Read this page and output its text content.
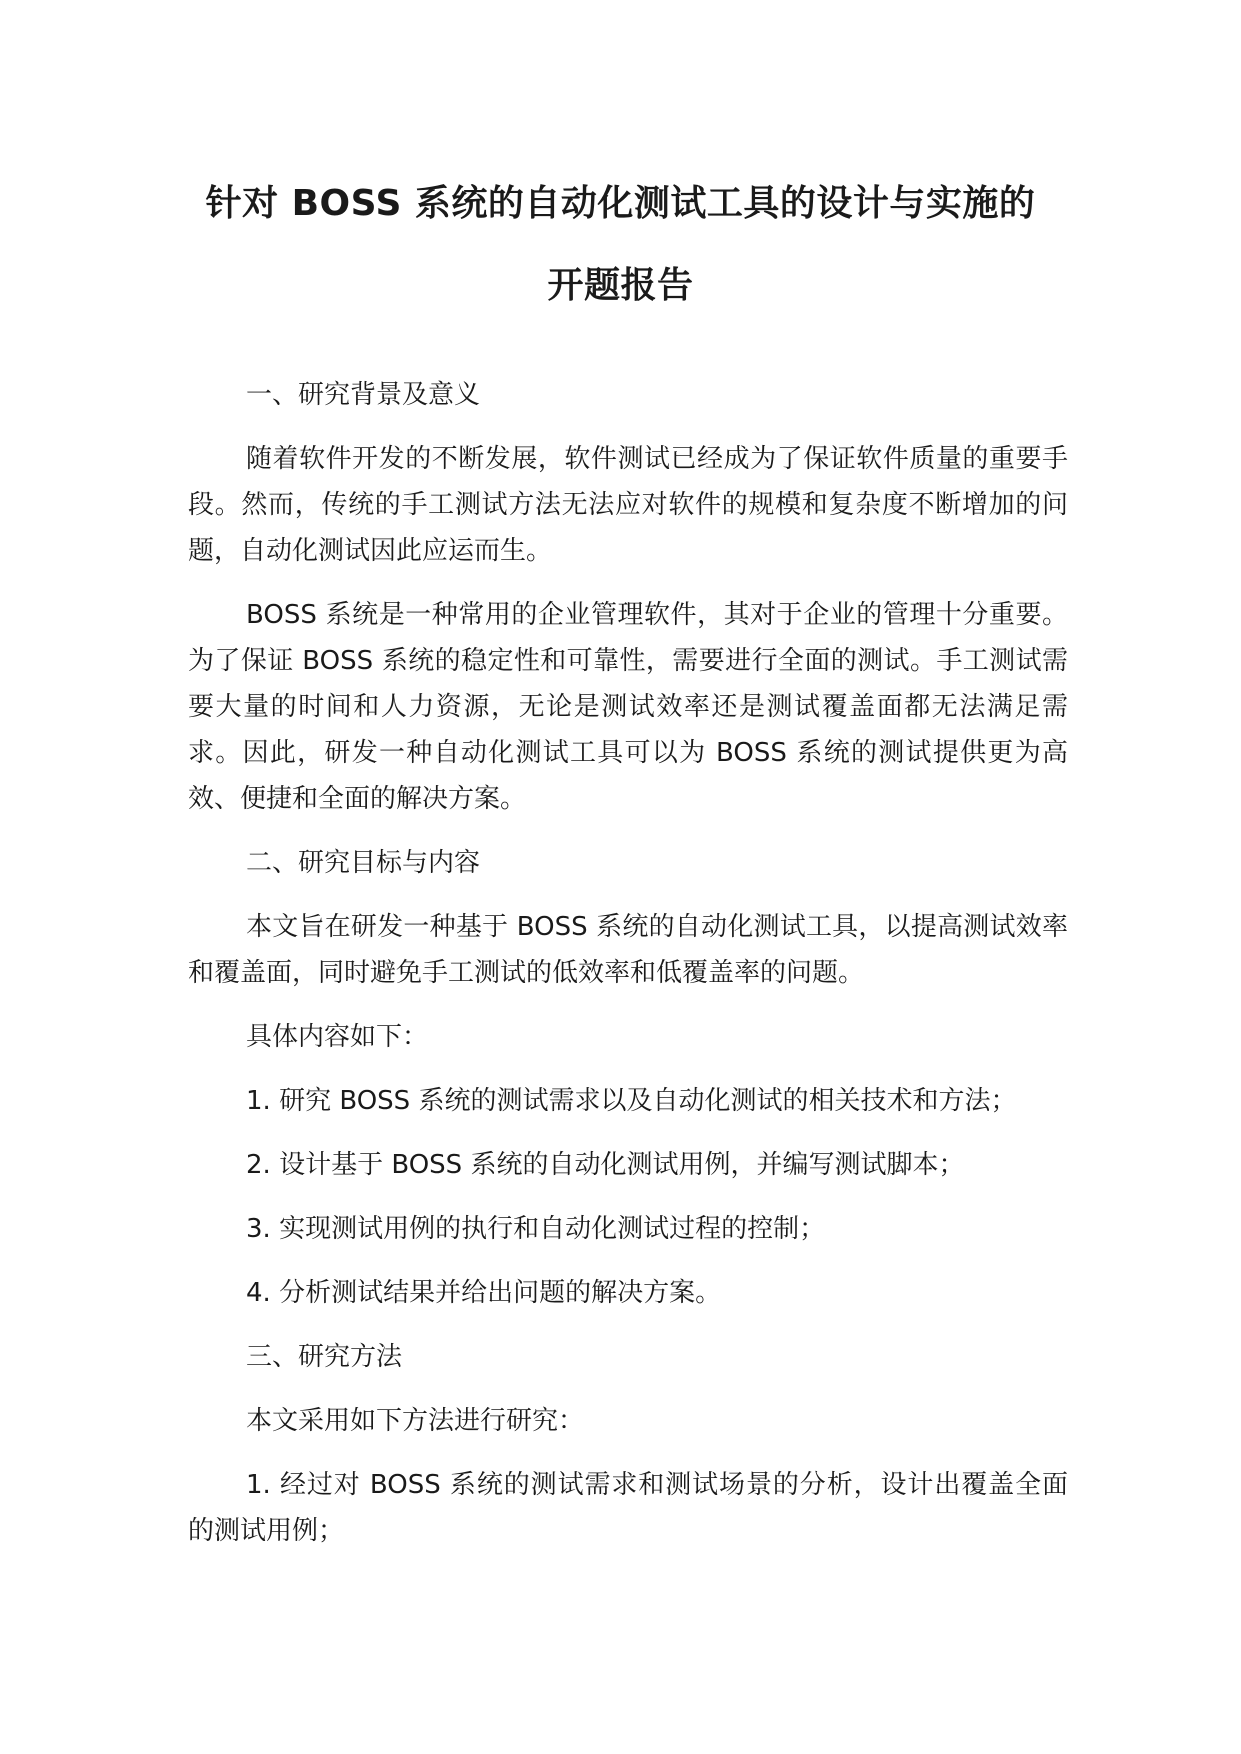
针对 BOSS 系统的自动化测试工具的设计与实施的
开题报告

一、研究背景及意义

随着软件开发的不断发展，软件测试已经成为了保证软件质量的重要手段。然而，传统的手工测试方法无法应对软件的规模和复杂度不断增加的问题，自动化测试因此应运而生。

BOSS 系统是一种常用的企业管理软件，其对于企业的管理十分重要。为了保证 BOSS 系统的稳定性和可靠性，需要进行全面的测试。手工测试需要大量的时间和人力资源，无论是测试效率还是测试覆盖面都无法满足需求。因此，研发一种自动化测试工具可以为 BOSS 系统的测试提供更为高效、便捷和全面的解决方案。

二、研究目标与内容

本文旨在研发一种基于 BOSS 系统的自动化测试工具，以提高测试效率和覆盖面，同时避免手工测试的低效率和低覆盖率的问题。

具体内容如下：

1. 研究 BOSS 系统的测试需求以及自动化测试的相关技术和方法；

2. 设计基于 BOSS 系统的自动化测试用例，并编写测试脚本；

3. 实现测试用例的执行和自动化测试过程的控制；

4. 分析测试结果并给出问题的解决方案。

三、研究方法

本文采用如下方法进行研究：

1. 经过对 BOSS 系统的测试需求和测试场景的分析，设计出覆盖全面的测试用例；
